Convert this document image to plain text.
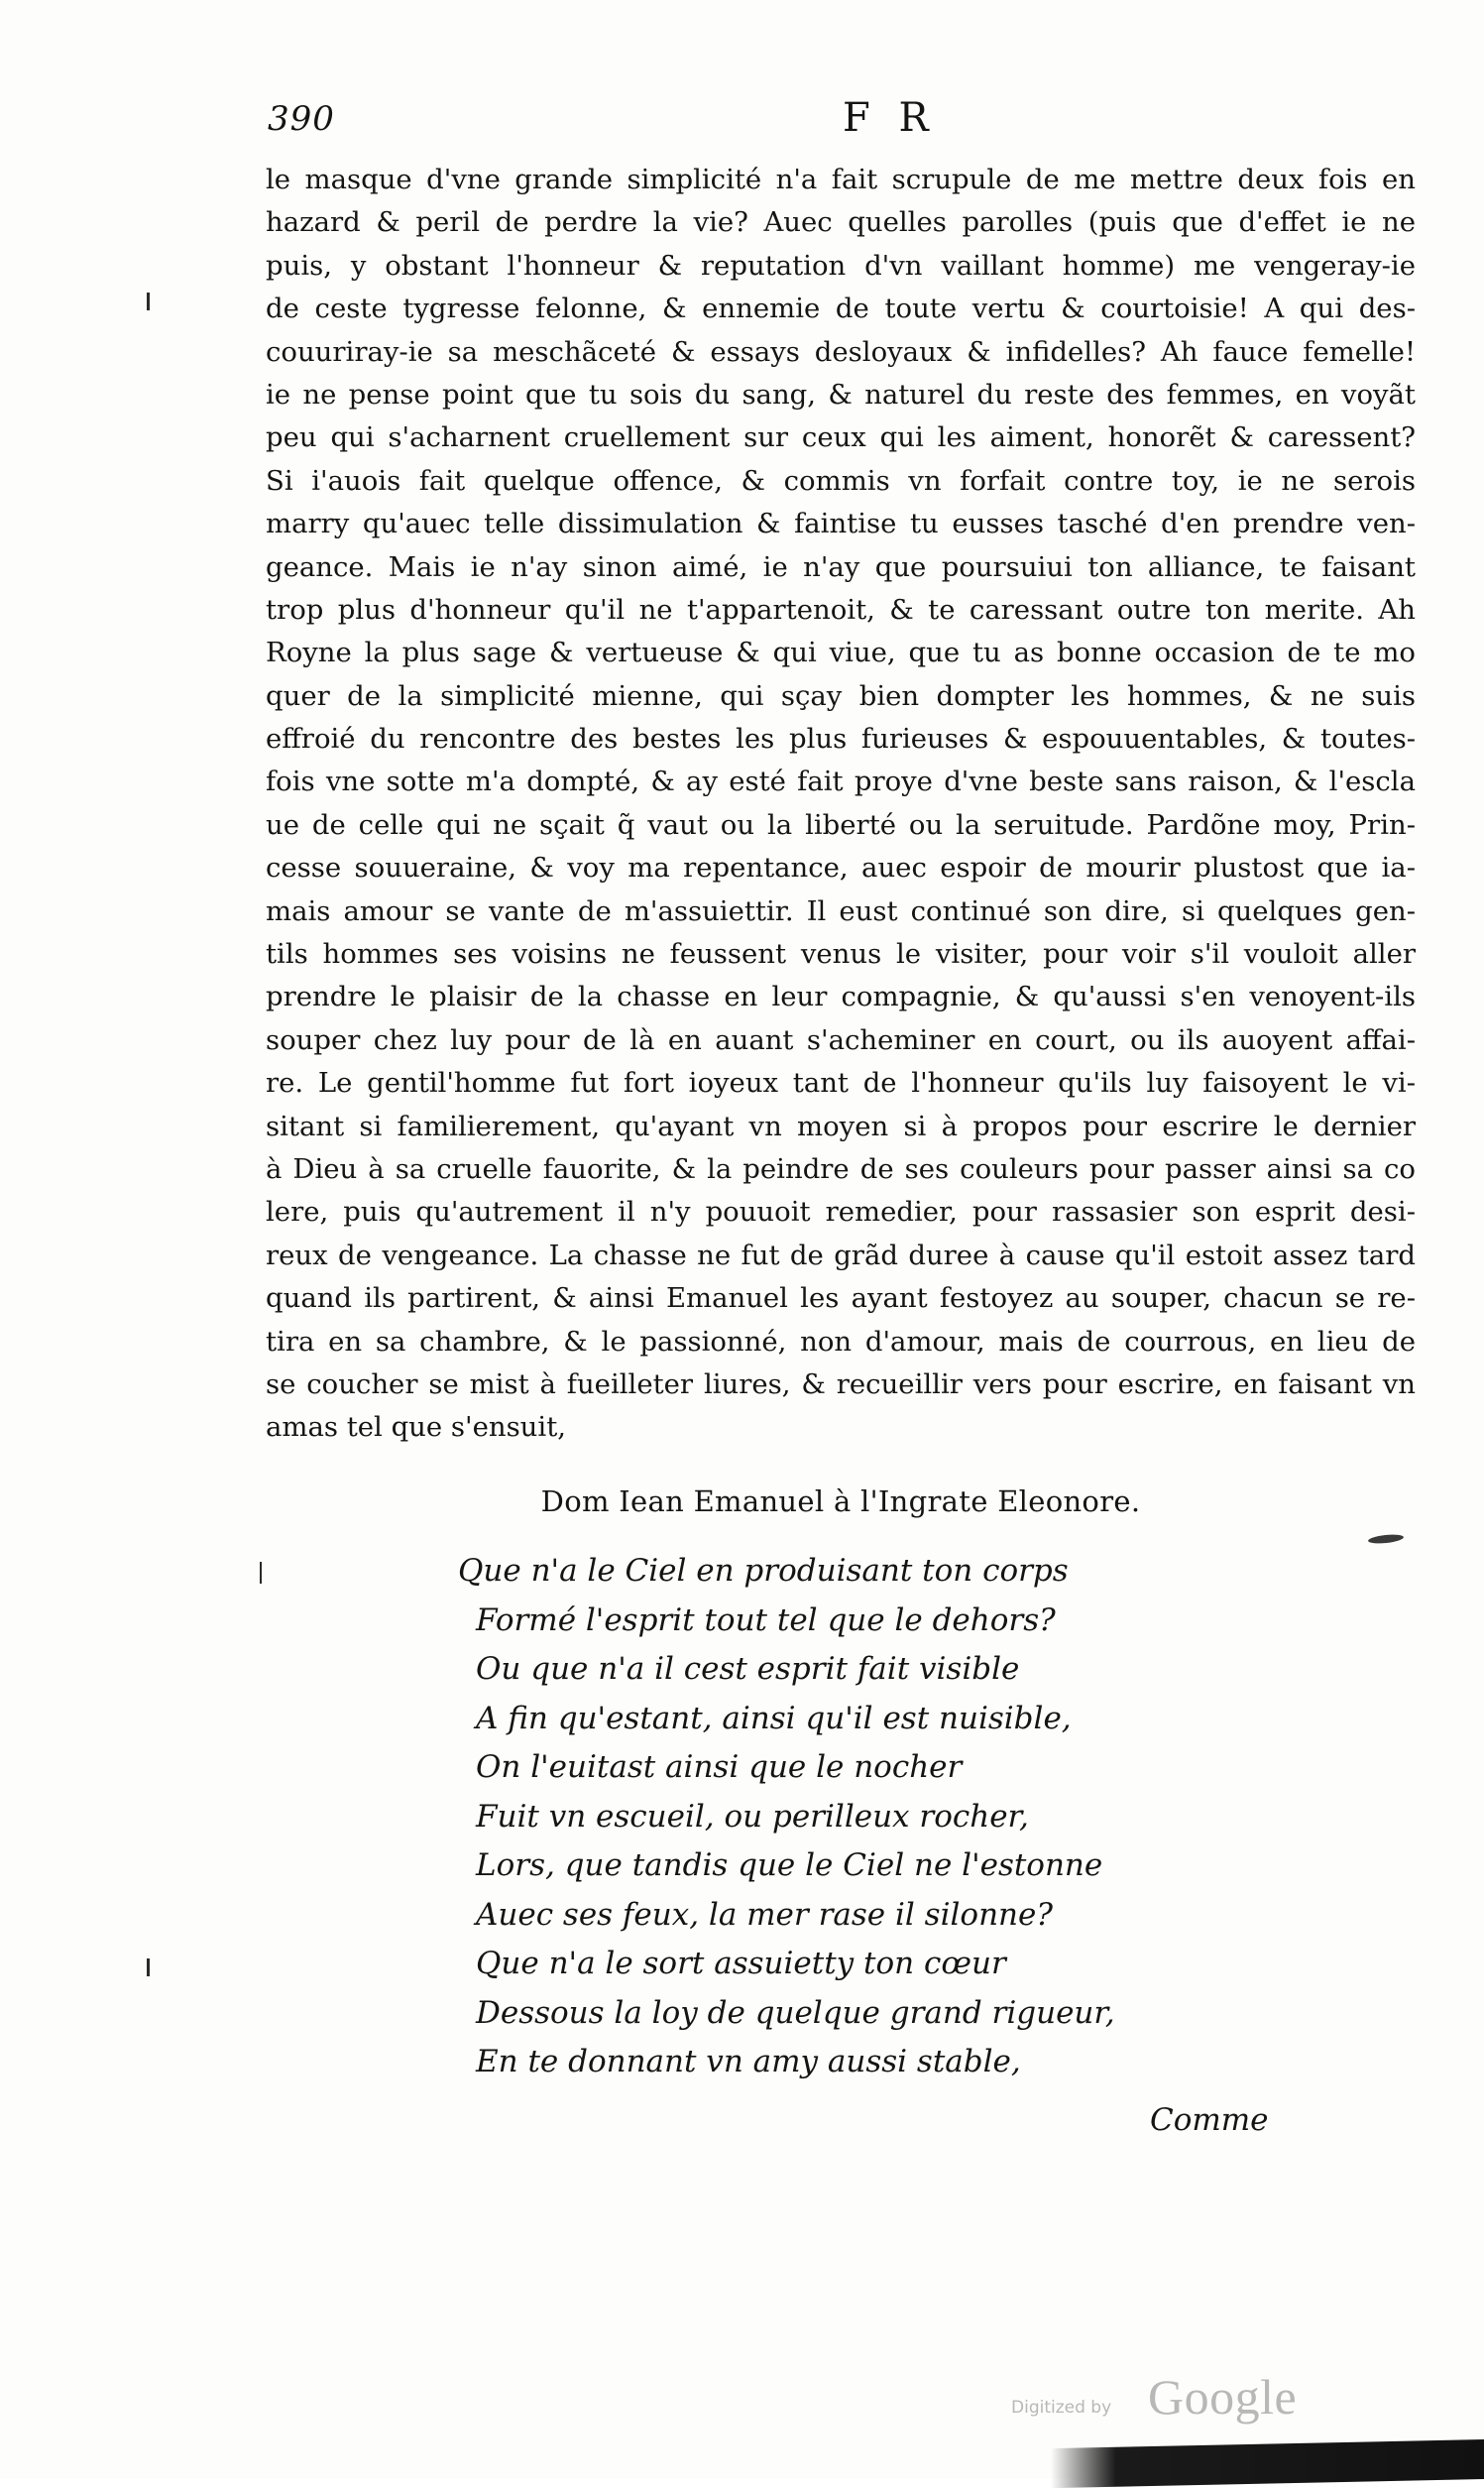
390	F R
le masque d'vne grande simplicité n'a fait scrupule de me mettre deux fois en
hazard & peril de perdre la vie? Auec quelles parolles (puis que d'effet ie ne
puis, y obstant l'honneur & reputation d'vn vaillant homme) me vengeray-ie
de ceste tygresse felonne, & ennemie de toute vertu & courtoisie! A qui des-
couuriray-ie sa meschãceté & essays desloyaux & infidelles? Ah fauce femelle!
ie ne pense point que tu sois du sang, & naturel du reste des femmes, en voyãt
peu qui s'acharnent cruellement sur ceux qui les aiment, honorẽt & caressent?
Si i'auois fait quelque offence, & commis vn forfait contre toy, ie ne serois
marry qu'auec telle dissimulation & faintise tu eusses tasché d'en prendre ven-
geance. Mais ie n'ay sinon aimé, ie n'ay que poursuiui ton alliance, te faisant
trop plus d'honneur qu'il ne t'appartenoit, & te caressant outre ton merite. Ah
Royne la plus sage & vertueuse & qui viue, que tu as bonne occasion de te mo
quer de la simplicité mienne, qui sçay bien dompter les hommes, & ne suis
effroié du rencontre des bestes les plus furieuses & espouuentables, & toutes-
fois vne sotte m'a dompté, & ay esté fait proye d'vne beste sans raison, & l'escla
ue de celle qui ne sçait q̃ vaut ou la liberté ou la seruitude. Pardõne moy, Prin-
cesse souueraine, & voy ma repentance, auec espoir de mourir plustost que ia-
mais amour se vante de m'assuiettir. Il eust continué son dire, si quelques gen-
tils hommes ses voisins ne feussent venus le visiter, pour voir s'il vouloit aller
prendre le plaisir de la chasse en leur compagnie, & qu'aussi s'en venoyent-ils
souper chez luy pour de là en auant s'acheminer en court, ou ils auoyent affai-
re. Le gentil'homme fut fort ioyeux tant de l'honneur qu'ils luy faisoyent le vi-
sitant si familierement, qu'ayant vn moyen si à propos pour escrire le dernier
à Dieu à sa cruelle fauorite, & la peindre de ses couleurs pour passer ainsi sa co
lere, puis qu'autrement il n'y pouuoit remedier, pour rassasier son esprit desi-
reux de vengeance. La chasse ne fut de grãd duree à cause qu'il estoit assez tard
quand ils partirent, & ainsi Emanuel les ayant festoyez au souper, chacun se re-
tira en sa chambre, & le passionné, non d'amour, mais de courrous, en lieu de
se coucher se mist à fueilleter liures, & recueillir vers pour escrire, en faisant vn
amas tel que s'ensuit,
Dom Iean Emanuel à l'Ingrate Eleonore.
Que n'a le Ciel en produisant ton corps
Formé l'esprit tout tel que le dehors?
Ou que n'a il cest esprit fait visible
A fin qu'estant, ainsi qu'il est nuisible,
On l'euitast ainsi que le nocher
Fuit vn escueil, ou perilleux rocher,
Lors, que tandis que le Ciel ne l'estonne
Auec ses feux, la mer rase il silonne?
Que n'a le sort assuietty ton cœur
Dessous la loy de quelque grand rigueur,
En te donnant vn amy aussi stable,
Comme
Digitized by Google
